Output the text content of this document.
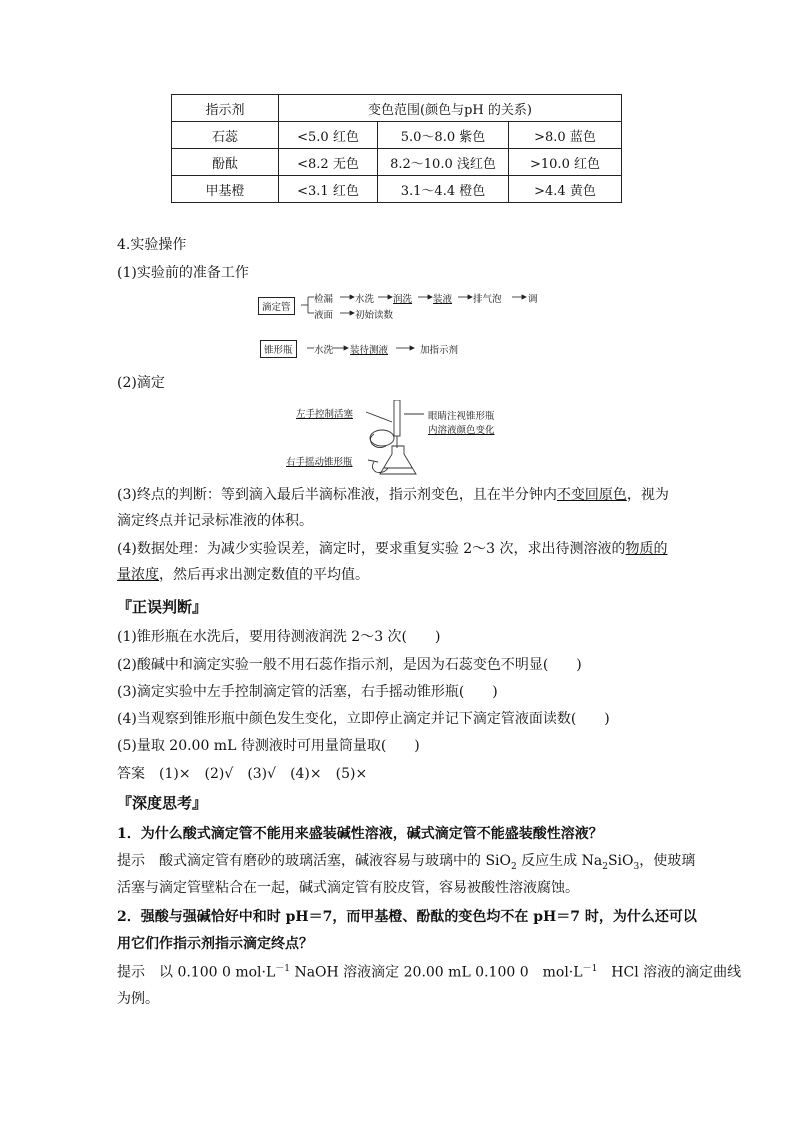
指示剂	变色范围(颜色与pH 的关系)		
石蕊	<5.0 红色	5.0～8.0 紫色	>8.0 蓝色
酚酞	<8.2 无色	8.2～10.0 浅红色	>10.0 红色
甲基橙	<3.1 红色	3.1～4.4 橙色	>4.4 黄色
4.实验操作
(1)实验前的准备工作
滴定管
检漏 水洗 润洗 装液 排气泡	调
液面 初始读数
锥形瓶	水洗 装待测液	加指示剂
(2)滴定
左手控制活塞
右手摇动锥形瓶
眼睛注视锥形瓶
内溶液颜色变化
(3)终点的判断：等到滴入最后半滴标准液，指示剂变色，且在半分钟内不变回原色，视为滴定终点并记录标准液的体积。
(4)数据处理：为减少实验误差，滴定时，要求重复实验 2～3 次，求出待测溶液的物质的量浓度，然后再求出测定数值的平均值。
『正误判断』
(1)锥形瓶在水洗后，要用待测液润洗 2～3 次(　　)
(2)酸碱中和滴定实验一般不用石蕊作指示剂，是因为石蕊变色不明显(　　)
(3)滴定实验中左手控制滴定管的活塞，右手摇动锥形瓶(　　)
(4)当观察到锥形瓶中颜色发生变化，立即停止滴定并记下滴定管液面读数(　　)
(5)量取 20.00 mL 待测液时可用量筒量取(　　)
答案　(1)×　(2)√　(3)√　(4)×　(5)×
『深度思考』
1．为什么酸式滴定管不能用来盛装碱性溶液，碱式滴定管不能盛装酸性溶液？
提示　酸式滴定管有磨砂的玻璃活塞，碱液容易与玻璃中的 SiO$_2$ 反应生成 $Na_2SiO_3$，使玻璃
活塞与滴定管壁粘合在一起，碱式滴定管有胶皮管，容易被酸性溶液腐蚀。
2．强酸与强碱恰好中和时 pH＝7，而甲基橙、酚酞的变色均不在 pH＝7 时，为什么还可以
用它们作指示剂指示滴定终点？
提示　以 0.100 0 $mol\cdot L^{-1}$ NaOH 溶液滴定 20.00 mL 0.100 0　$mol\cdot L^{-1}$　HCl 溶液的滴定曲线
为例。
